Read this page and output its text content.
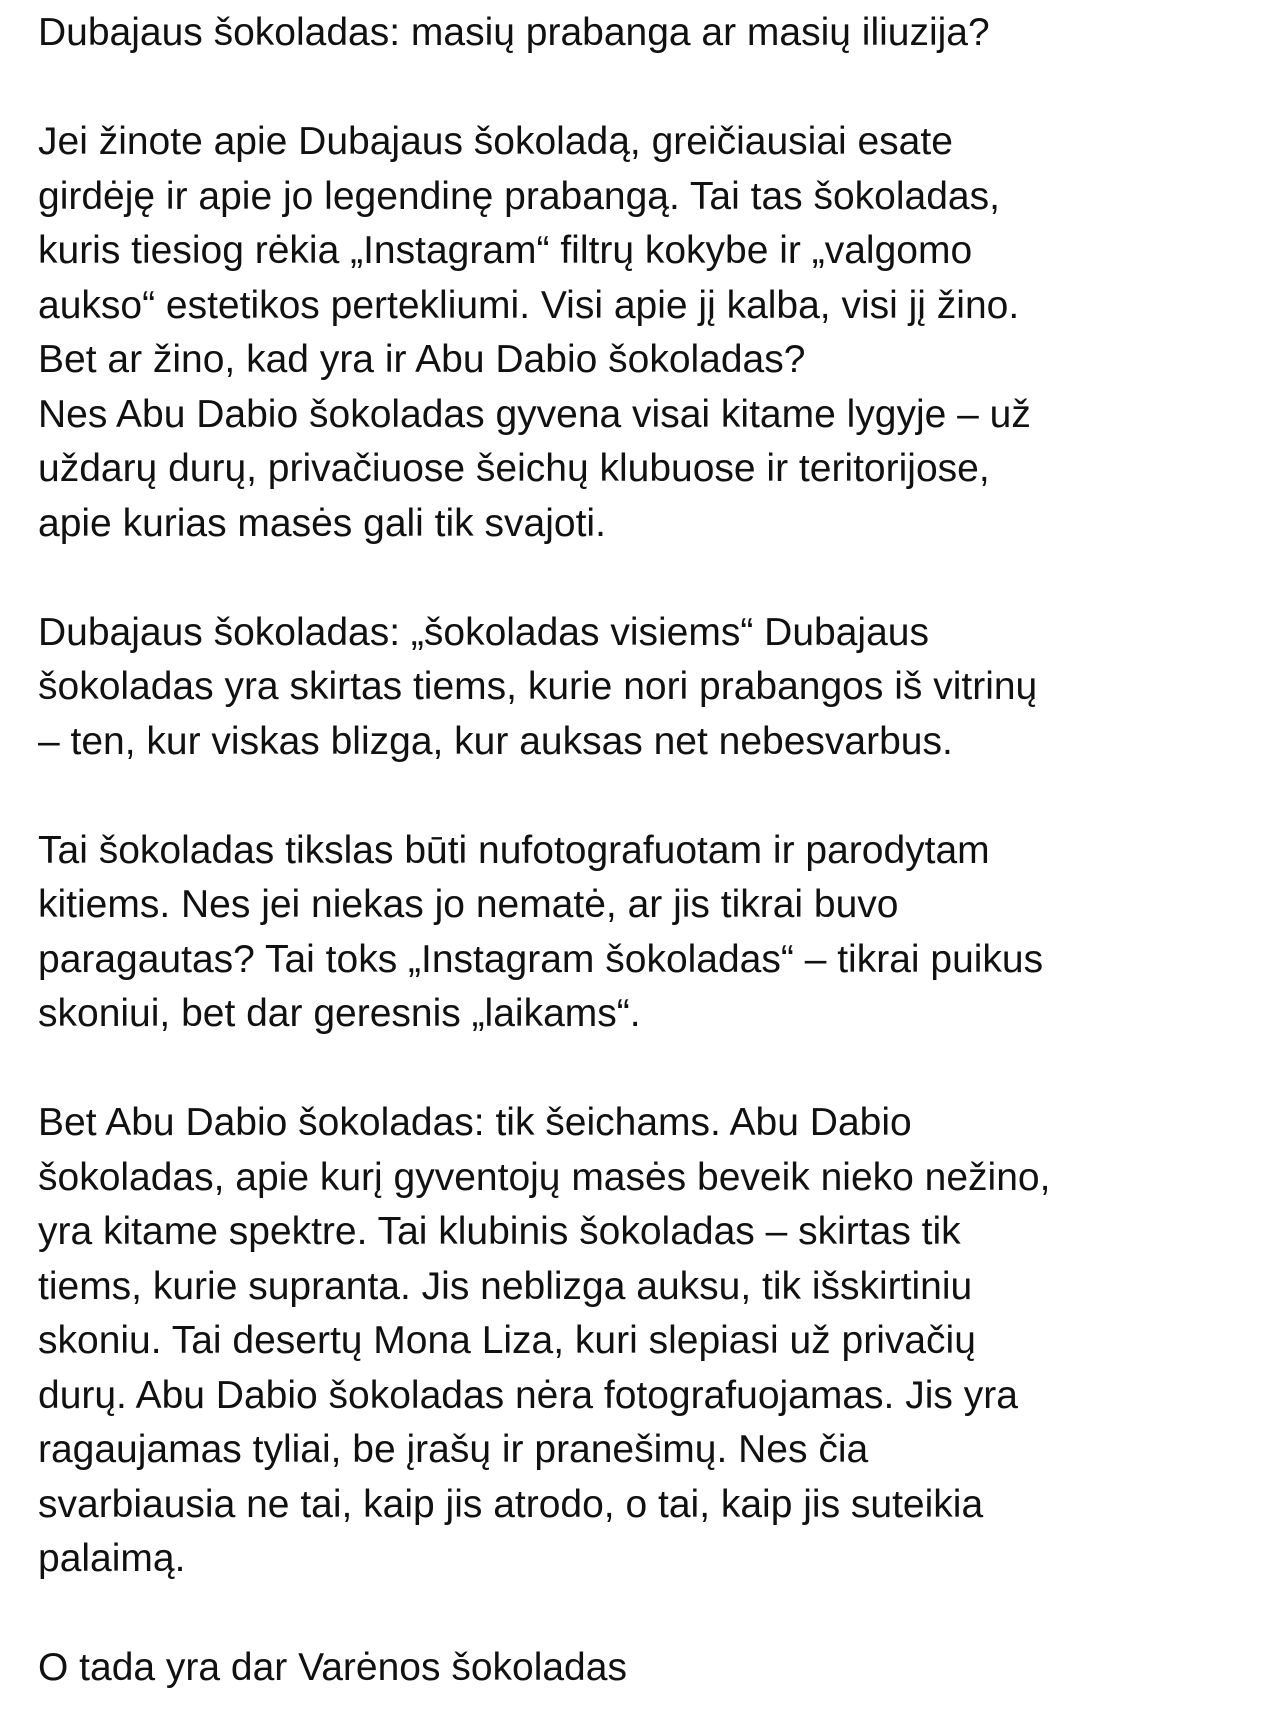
Dubajaus šokoladas: masių prabanga ar masių iliuzija?
Jei žinote apie Dubajaus šokoladą, greičiausiai esate
girdėję ir apie jo legendinę prabangą. Tai tas šokoladas,
kuris tiesiog rėkia „Instagram“ filtrų kokybe ir „valgomo
aukso“ estetikos pertekliumi. Visi apie jį kalba, visi jį žino.
Bet ar žino, kad yra ir Abu Dabio šokoladas?
Nes Abu Dabio šokoladas gyvena visai kitame lygyje – už
uždarų durų, privačiuose šeichų klubuose ir teritorijose,
apie kurias masės gali tik svajoti.
Dubajaus šokoladas: „šokoladas visiems“ Dubajaus
šokoladas yra skirtas tiems, kurie nori prabangos iš vitrinų
– ten, kur viskas blizga, kur auksas net nebesvarbus.
Tai šokoladas tikslas būti nufotografuotam ir parodytam
kitiems. Nes jei niekas jo nematė, ar jis tikrai buvo
paragautas? Tai toks „Instagram šokoladas“ – tikrai puikus
skoniui, bet dar geresnis „laikams“.
Bet Abu Dabio šokoladas: tik šeichams. Abu Dabio
šokoladas, apie kurį gyventojų masės beveik nieko nežino,
yra kitame spektre. Tai klubinis šokoladas – skirtas tik
tiems, kurie supranta. Jis neblizga auksu, tik išskirtiniu
skoniu. Tai desertų Mona Liza, kuri slepiasi už privačių
durų. Abu Dabio šokoladas nėra fotografuojamas. Jis yra
ragaujamas tyliai, be įrašų ir pranešimų. Nes čia
svarbiausia ne tai, kaip jis atrodo, o tai, kaip jis suteikia
palaimą.
O tada yra dar Varėnos šokoladas
